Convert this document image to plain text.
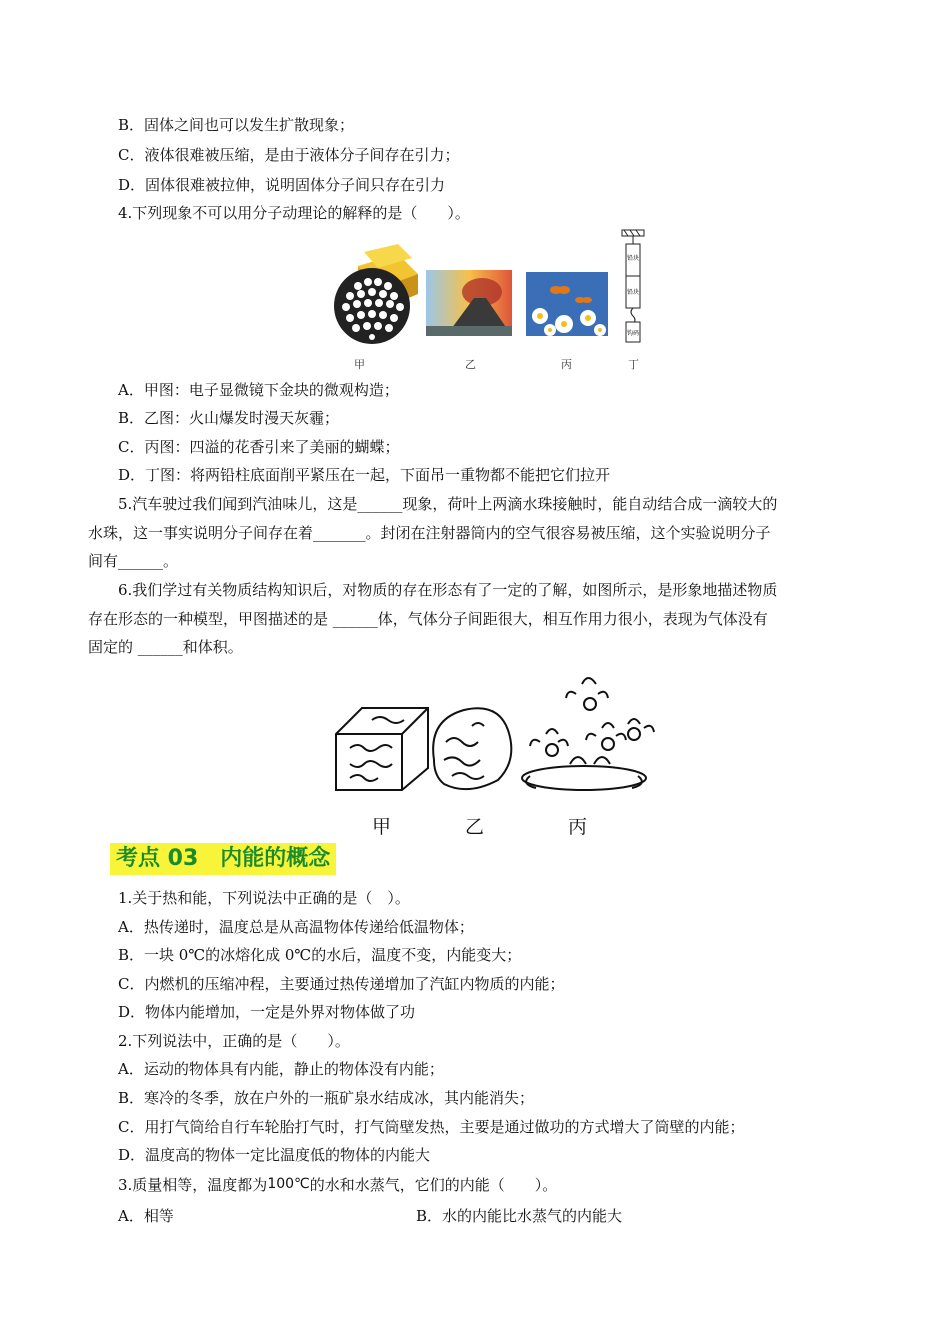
B．固体之间也可以发生扩散现象；
C．液体很难被压缩，是由于液体分子间存在引力；
D．固体很难被拉伸，说明固体分子间只存在引力
4.下列现象不可以用分子动理论的解释的是（　　）。
铅块
铅块
钩码
甲	乙	丙	丁
A．甲图：电子显微镜下金块的微观构造；
B．乙图：火山爆发时漫天灰霾；
C．丙图：四溢的花香引来了美丽的蝴蝶；
D．丁图：将两铅柱底面削平紧压在一起，下面吊一重物都不能把它们拉开
5.汽车驶过我们闻到汽油味儿，这是______现象，荷叶上两滴水珠接触时，能自动结合成一滴较大的
水珠，这一事实说明分子间存在着_______。封闭在注射器筒内的空气很容易被压缩，这个实验说明分子
间有______。
6.我们学过有关物质结构知识后，对物质的存在形态有了一定的了解，如图所示，是形象地描述物质
存在形态的一种模型，甲图描述的是 ______体，气体分子间距很大，相互作用力很小，表现为气体没有
固定的 ______和体积。
甲	乙	丙
考点 03　内能的概念
1.关于热和能，下列说法中正确的是（　）。
A．热传递时，温度总是从高温物体传递给低温物体；
B．一块 0℃的冰熔化成 0℃的水后，温度不变，内能变大；
C．内燃机的压缩冲程，主要通过热传递增加了汽缸内物质的内能；
D．物体内能增加，一定是外界对物体做了功
2.下列说法中，正确的是（　　）。
A．运动的物体具有内能，静止的物体没有内能；
B．寒冷的冬季，放在户外的一瓶矿泉水结成冰，其内能消失；
C．用打气筒给自行车轮胎打气时，打气筒壁发热，主要是通过做功的方式增大了筒壁的内能；
D．温度高的物体一定比温度低的物体的内能大
3.质量相等，温度都为100℃的水和水蒸气，它们的内能（　　）。
A．相等	B．水的内能比水蒸气的内能大
